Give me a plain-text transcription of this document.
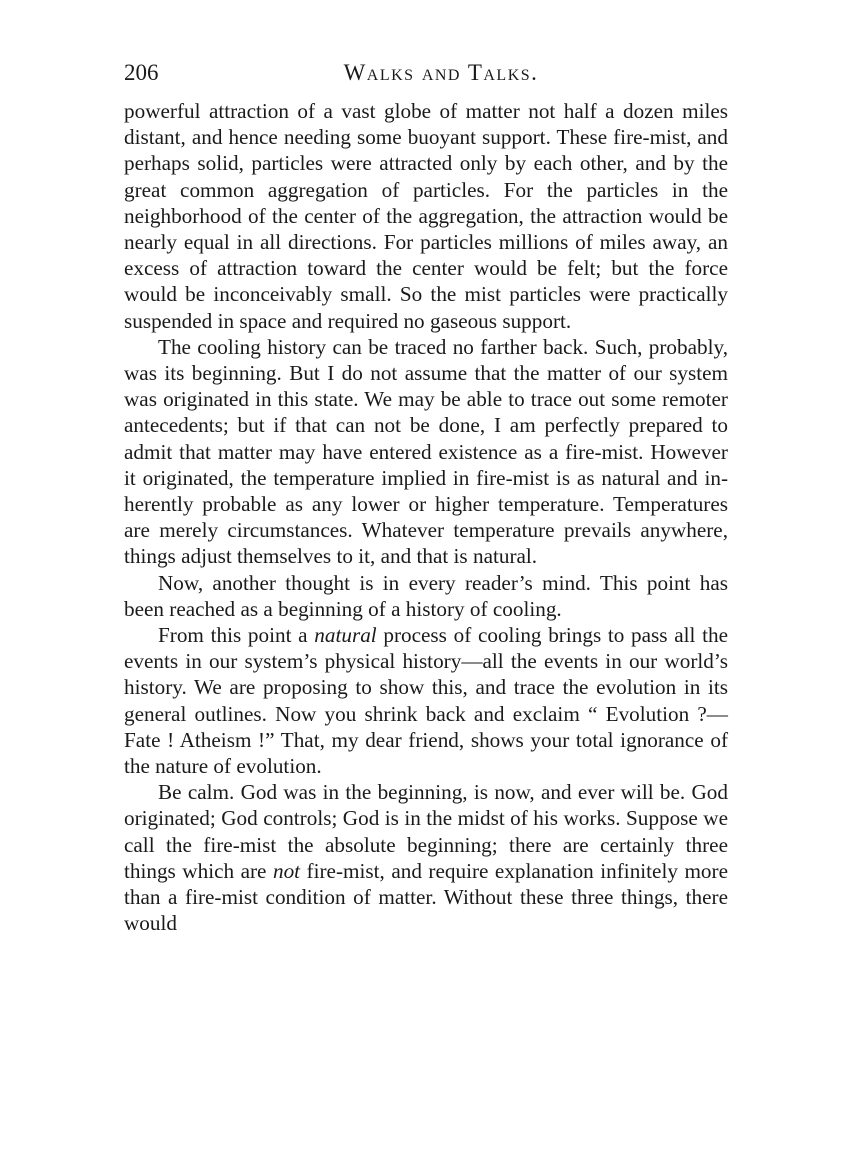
206	Walks and Talks.

powerful attraction of a vast globe of matter not half a dozen miles distant, and hence needing some buoyant support. These fire-mist, and perhaps solid, particles were attracted only by each other, and by the great common aggregation of particles. For the particles in the neighborhood of the center of the aggregation, the attraction would be nearly equal in all directions. For particles millions of miles away, an excess of attraction toward the center would be felt; but the force would be inconceivably small. So the mist particles were practically suspended in space and required no gaseous support.

The cooling history can be traced no farther back. Such, probably, was its beginning. But I do not assume that the matter of our system was originated in this state. We may be able to trace out some remoter antecedents; but if that can not be done, I am perfectly prepared to admit that matter may have entered existence as a fire-mist. However it originated, the temperature implied in fire-mist is as natural and inherently probable as any lower or higher temperature. Temperatures are merely circumstances. Whatever temperature prevails anywhere, things adjust themselves to it, and that is natural.

Now, another thought is in every reader’s mind. This point has been reached as a beginning of a history of cooling.

From this point a natural process of cooling brings to pass all the events in our system’s physical history—all the events in our world’s history. We are proposing to show this, and trace the evolution in its general outlines. Now you shrink back and exclaim “ Evolution ?—Fate ! Atheism !” That, my dear friend, shows your total ignorance of the nature of evolution.

Be calm. God was in the beginning, is now, and ever will be. God originated; God controls; God is in the midst of his works. Suppose we call the fire-mist the absolute beginning; there are certainly three things which are not fire-mist, and require explanation infinitely more than a fire-mist condition of matter. Without these three things, there would
